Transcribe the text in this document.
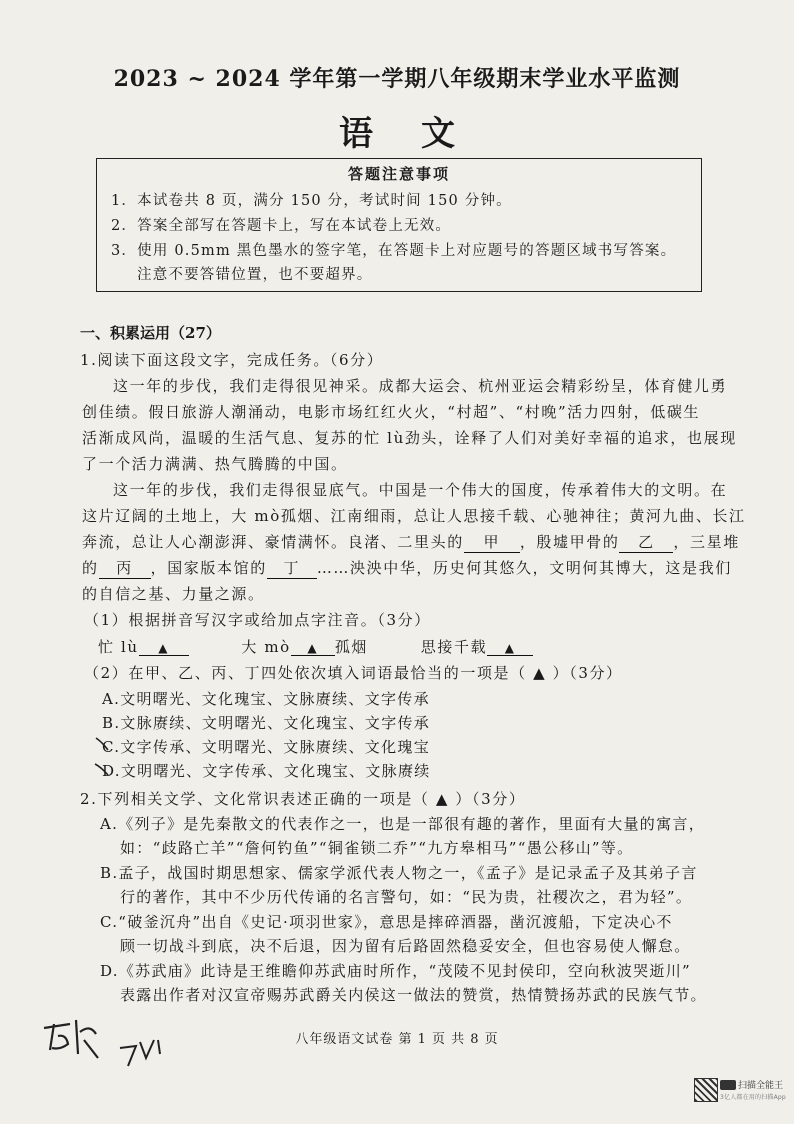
2023 ~ 2024 学年第一学期八年级期末学业水平监测
语文
答题注意事项
1．本试卷共 8 页，满分 150 分，考试时间 150 分钟。
2．答案全部写在答题卡上，写在本试卷上无效。
3．使用 0.5mm 黑色墨水的签字笔，在答题卡上对应题号的答题区域书写答案。
注意不要答错位置，也不要超界。
一、积累运用（27）
1.阅读下面这段文字，完成任务。（6分）
这一年的步伐，我们走得很见神采。成都大运会、杭州亚运会精彩纷呈，体育健儿勇
创佳绩。假日旅游人潮涌动，电影市场红红火火，“村超”、“村晚”活力四射，低碳生
活渐成风尚，温暖的生活气息、复苏的忙 lù劲头，诠释了人们对美好幸福的追求，也展现
了一个活力满满、热气腾腾的中国。
这一年的步伐，我们走得很显底气。中国是一个伟大的国度，传承着伟大的文明。在
这片辽阔的土地上，大 mò孤烟、江南细雨，总让人思接千载、心驰神往；黄河九曲、长江
奔流，总让人心潮澎湃、豪情满怀。良渚、二里头的 甲 ，殷墟甲骨的 乙 ，三星堆
的 丙 ，国家版本馆的 丁 ……泱泱中华，历史何其悠久，文明何其博大，这是我们
的自信之基、力量之源。
（1）根据拼音写汉字或给加点字注音。（3分）
忙 lù ▲	大 mò ▲ 孤烟	思接千载 ▲
（2）在甲、乙、丙、丁四处依次填入词语最恰当的一项是（ ▲ ）（3分）
A.文明曙光、文化瑰宝、文脉赓续、文字传承
B.文脉赓续、文明曙光、文化瑰宝、文字传承
C.文字传承、文明曙光、文脉赓续、文化瑰宝
D.文明曙光、文字传承、文化瑰宝、文脉赓续
2.下列相关文学、文化常识表述正确的一项是（ ▲ ）（3分）
A.《列子》是先秦散文的代表作之一，也是一部很有趣的著作，里面有大量的寓言，
如：“歧路亡羊”“詹何钓鱼”“铜雀锁二乔”“九方皋相马”“愚公移山”等。
B.孟子，战国时期思想家、儒家学派代表人物之一，《孟子》是记录孟子及其弟子言
行的著作，其中不少历代传诵的名言警句，如：“民为贵，社稷次之，君为轻”。
C.“破釜沉舟”出自《史记·项羽世家》，意思是摔碎酒器，凿沉渡船，下定决心不
顾一切战斗到底，决不后退，因为留有后路固然稳妥安全，但也容易使人懈怠。
D.《苏武庙》此诗是王维瞻仰苏武庙时所作，“茂陵不见封侯印，空向秋波哭逝川”
表露出作者对汉宣帝赐苏武爵关内侯这一做法的赞赏，热情赞扬苏武的民族气节。
八年级语文试卷 第 1 页 共 8 页
扫描全能王
3亿人都在用的扫描App
